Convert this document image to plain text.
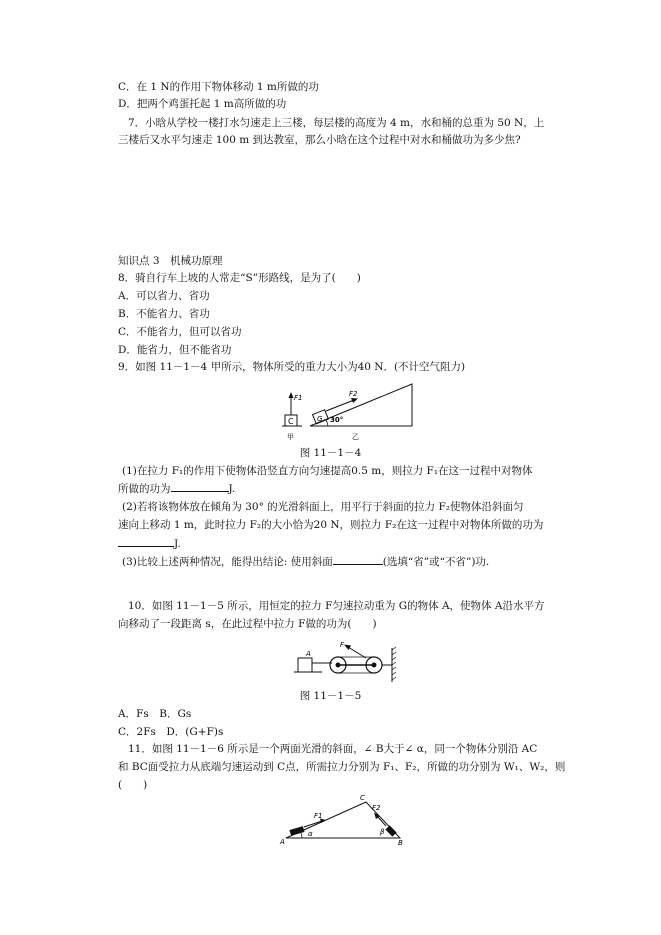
C．在 1 N的作用下物体移动 1 m所做的功
D．把两个鸡蛋托起 1 m高所做的功
7．小晗从学校一楼打水匀速走上三楼，每层楼的高度为 4 m，水和桶的总重为 50 N，上
三楼后又水平匀速走 100 m 到达教室，那么小晗在这个过程中对水和桶做功为多少焦?
知识点 3　机械功原理
8．骑自行车上坡的人常走“S”形路线，是为了(　　)
A．可以省力、省功
B．不能省力、省功
C．不能省力，但可以省功
D．能省力，但不能省功
9．如图 11－1－4 甲所示，物体所受的重力大小为40 N．(不计空气阻力)
C
F1
甲
G
F2
30°
乙
图 11－1－4
(1)在拉力 F₁的作用下使物体沿竖直方向匀速提高0.5 m，则拉力 F₁在这一过程中对物体
所做的功为	J.
(2)若将该物体放在倾角为 30° 的光滑斜面上，用平行于斜面的拉力 F₂使物体沿斜面匀
速向上移动 1 m，此时拉力 F₂的大小恰为20 N，则拉力 F₂在这一过程中对物体所做的功为
J.
(3)比较上述两种情况，能得出结论: 使用斜面	(选填“省”或“不省”)功.
10．如图 11－1－5 所示，用恒定的拉力 F匀速拉动重为 G的物体 A，使物体 A沿水平方
向移动了一段距离 s，在此过程中拉力 F做的功为(　　)
A
F
图 11－1－5
A．Fs　B．Gs
C．2Fs　D．(G+F)s
11．如图 11－1－6 所示是一个两面光滑的斜面，∠ B大于∠ α，同一个物体分别沿 AC
和 BC面受拉力从底端匀速运动到 C点，所需拉力分别为 F₁、F₂，所做的功分别为 W₁、W₂，则
(　　)
A	B
C
α	β
F1
F2
